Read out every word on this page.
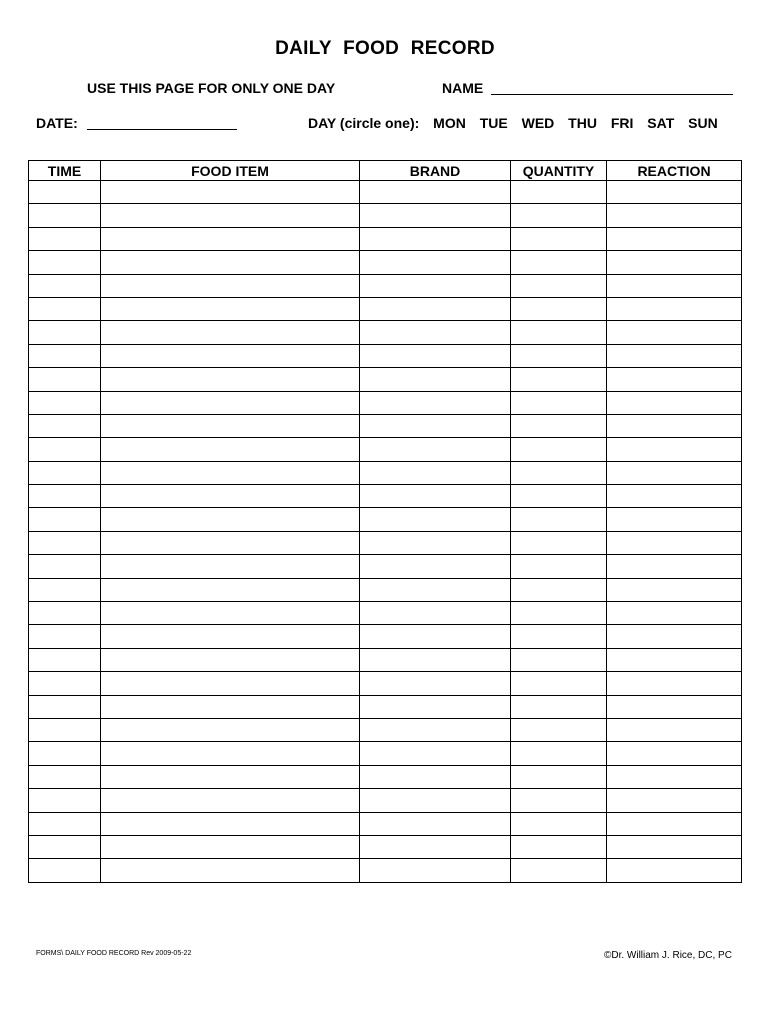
DAILY FOOD RECORD
USE THIS PAGE FOR ONLY ONE DAY	NAME
DATE:	DAY (circle one): MON TUE WED THU FRI SAT SUN
TIME	FOOD ITEM	BRAND	QUANTITY	REACTION

FORMS\ DAILY FOOD RECORD Rev 2009-05-22	©Dr. William J. Rice, DC, PC
